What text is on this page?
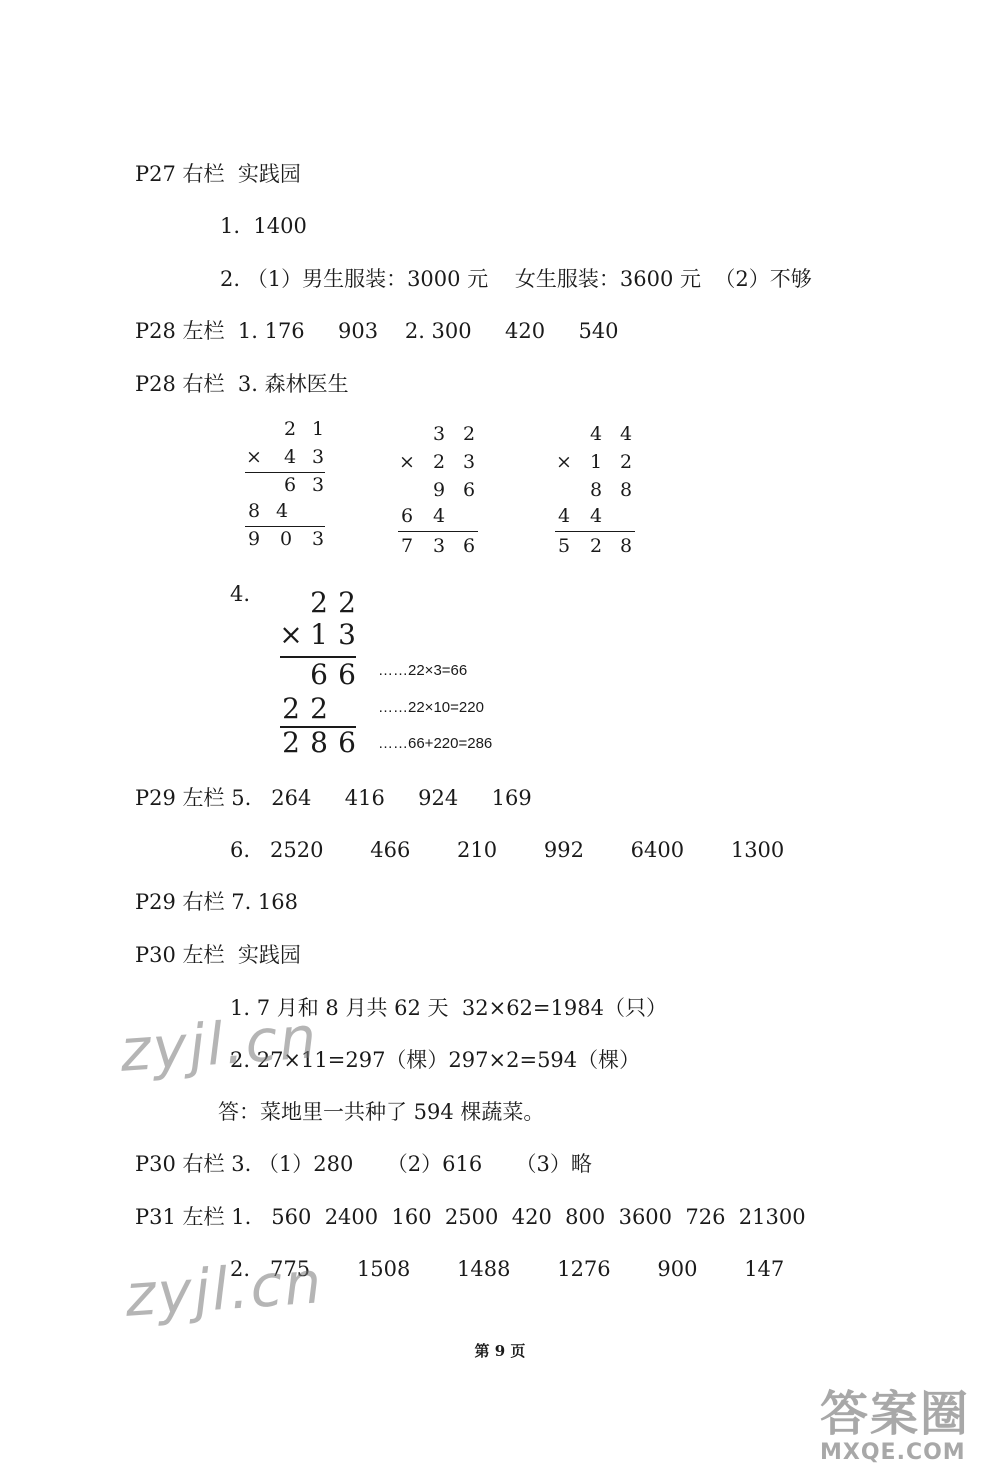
P27 右栏  实践园
1.  1400
2. （1）男生服装：3000 元    女生服装：3600 元  （2）不够
P28 左栏  1. 176     903    2. 300     420     540
P28 右栏  3. 森林医生
2 1
× 4 3
6 3
8 4
9 0 3
3 2
× 2 3
9 6
6 4
7 3 6
4 4
× 1 2
8 8
4 4
5 2 8
4. 2 2
× 1 3
6 6
2 2
2 8 6
……22×3=66
……22×10=220
……66+220=286
P29 左栏 5.   264     416     924     169
6.   2520       466       210       992       6400       1300
P29 右栏 7. 168
P30 左栏  实践园
1. 7 月和 8 月共 62 天  32×62=1984（只）
2. 27×11=297（棵）297×2=594（棵）
答：菜地里一共种了 594 棵蔬菜。
P30 右栏 3. （1）280     （2）616     （3）略
P31 左栏 1.   560  2400  160  2500  420  800  3600  726  21300
2.   775       1508       1488       1276       900       147
第 9 页
zyjl.cn
zyjl.cn
答案圈
MXQE.COM
